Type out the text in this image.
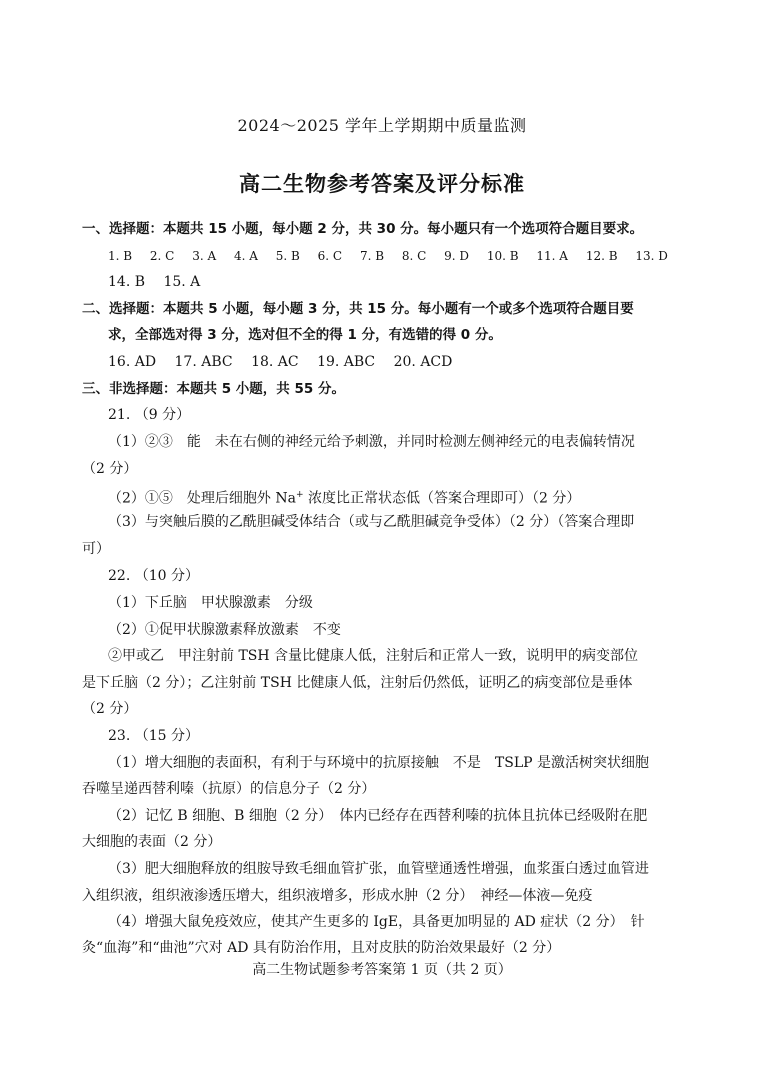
2024～2025 学年上学期期中质量监测
高二生物参考答案及评分标准
一、选择题：本题共 15 小题，每小题 2 分，共 30 分。每小题只有一个选项符合题目要求。
1. B 2. C 3. A 4. A 5. B 6. C 7. B 8. C 9. D 10. B 11. A 12. B 13. D
14. B 15. A
二、选择题：本题共 5 小题，每小题 3 分，共 15 分。每小题有一个或多个选项符合题目要
求，全部选对得 3 分，选对但不全的得 1 分，有选错的得 0 分。
16. AD 17. ABC 18. AC 19. ABC 20. ACD
三、非选择题：本题共 5 小题，共 55 分。
21. （9 分）
（1）②③　能　未在右侧的神经元给予刺激，并同时检测左侧神经元的电表偏转情况
（2 分）
（2）①⑤　处理后细胞外 Na+ 浓度比正常状态低（答案合理即可）（2 分）
（3）与突触后膜的乙酰胆碱受体结合（或与乙酰胆碱竞争受体）（2 分）（答案合理即
可）
22. （10 分）
（1）下丘脑　甲状腺激素　分级
（2）①促甲状腺激素释放激素　不变
②甲或乙　甲注射前 TSH 含量比健康人低，注射后和正常人一致，说明甲的病变部位
是下丘脑（2 分）；乙注射前 TSH 比健康人低，注射后仍然低，证明乙的病变部位是垂体
（2 分）
23. （15 分）
（1）增大细胞的表面积，有利于与环境中的抗原接触　不是　TSLP 是激活树突状细胞
吞噬呈递西替利嗪（抗原）的信息分子（2 分）
（2）记忆 B 细胞、B 细胞（2 分）　体内已经存在西替利嗪的抗体且抗体已经吸附在肥
大细胞的表面（2 分）
（3）肥大细胞释放的组胺导致毛细血管扩张，血管壁通透性增强，血浆蛋白透过血管进
入组织液，组织液渗透压增大，组织液增多，形成水肿（2 分）　神经—体液—免疫
（4）增强大鼠免疫效应，使其产生更多的 IgE，具备更加明显的 AD 症状（2 分）　针
灸“血海”和“曲池”穴对 AD 具有防治作用，且对皮肤的防治效果最好（2 分）
高二生物试题参考答案第 1 页（共 2 页）
